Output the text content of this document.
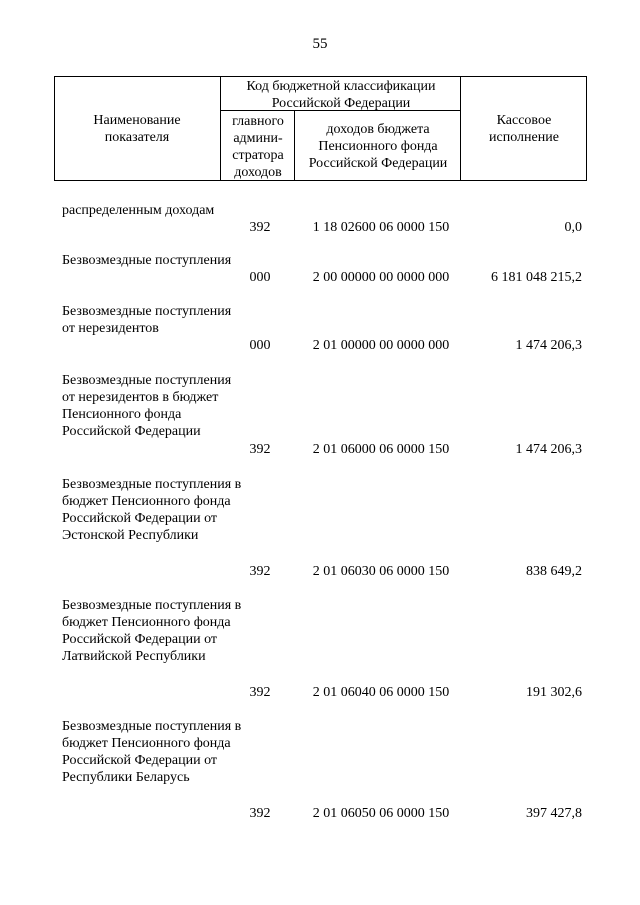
55
Наименование показателя
Код бюджетной классификации Российской Федерации
главного админи-стратора доходов
доходов бюджета Пенсионного фонда Российской Федерации
Кассовое исполнение
распределенным доходам
392	1 18 02600 06 0000 150	0,0
Безвозмездные поступления
000	2 00 00000 00 0000 000	6 181 048 215,2
Безвозмездные поступления от нерезидентов
000	2 01 00000 00 0000 000	1 474 206,3
Безвозмездные поступления от нерезидентов в бюджет Пенсионного фонда Российской Федерации
392	2 01 06000 06 0000 150	1 474 206,3
Безвозмездные поступления в бюджет Пенсионного фонда Российской Федерации от Эстонской Республики
392	2 01 06030 06 0000 150	838 649,2
Безвозмездные поступления в бюджет Пенсионного фонда Российской Федерации от Латвийской Республики
392	2 01 06040 06 0000 150	191 302,6
Безвозмездные поступления в бюджет Пенсионного фонда Российской Федерации от Республики Беларусь
392	2 01 06050 06 0000 150	397 427,8
